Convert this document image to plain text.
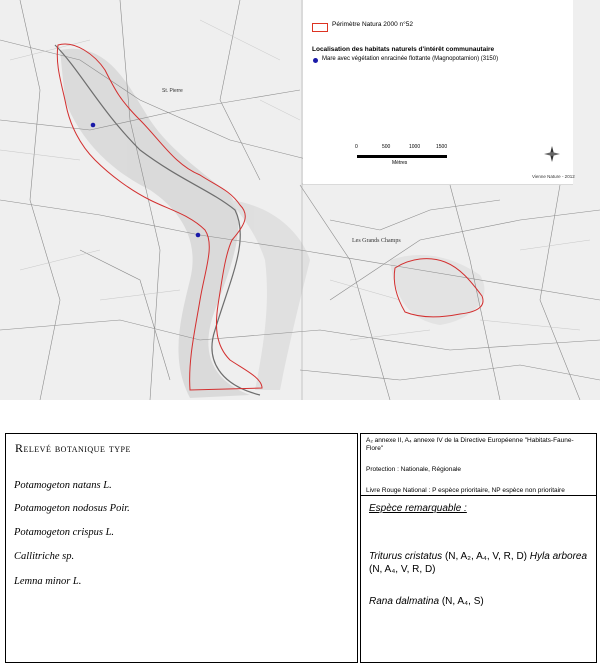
Les Grands Champs
St. Pierre
Périmètre Natura 2000 n°52
Localisation des habitats naturels d'intérêt communautaire
Mare avec végétation enracinée flottante (Magnopotamion) (3150)
0	500	1000	1500
Mètres
Vienne Nature - 2012
Relevé botanique type
Potamogeton natans L.
Potamogeton nodosus Poir.
Potamogeton crispus L.
Callitriche sp.
Lemna minor L.
A₂ annexe II, A₄ annexe IV de la Directive Européenne "Habitats-Faune-Flore"
Protection : Nationale, Régionale
Livre Rouge National : P espèce prioritaire, NP espèce non prioritaire
Espèce remarquable :
Triturus cristatus (N, A₂, A₄, V, R, D) Hyla arborea (N, A₄, V, R, D)
Rana dalmatina (N, A₄, S)
